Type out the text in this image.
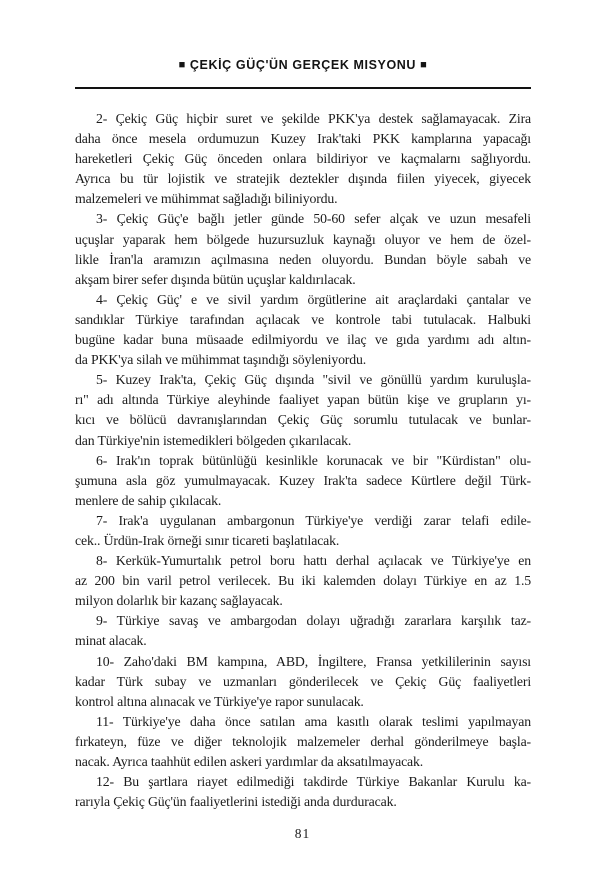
■ ÇEKİÇ GÜÇ'ÜN GERÇEK MISYONU ■
2- Çekiç Güç hiçbir suret ve şekilde PKK'ya destek sağlamayacak. Zira
daha önce mesela ordumuzun Kuzey Irak'taki PKK kamplarına yapacağı
hareketleri Çekiç Güç önceden onlara bildiriyor ve kaçmalarnı sağlıyordu.
Ayrıca bu tür lojistik ve stratejik deztekler dışında fiilen yiyecek, giyecek
malzemeleri ve mühimmat sağladığı biliniyordu.
3- Çekiç Güç'e bağlı jetler günde 50-60 sefer alçak ve uzun mesafeli
uçuşlar yaparak hem bölgede huzursuzluk kaynağı oluyor ve hem de özel-
likle İran'la aramızın açılmasına neden oluyordu. Bundan böyle sabah ve
akşam birer sefer dışında bütün uçuşlar kaldırılacak.
4- Çekiç Güç' e ve sivil yardım örgütlerine ait araçlardaki çantalar ve
sandıklar Türkiye tarafından açılacak ve kontrole tabi tutulacak. Halbuki
bugüne kadar buna müsaade edilmiyordu ve ilaç ve gıda yardımı adı altın-
da PKK'ya silah ve mühimmat taşındığı söyleniyordu.
5- Kuzey Irak'ta, Çekiç Güç dışında "sivil ve gönüllü yardım kuruluşla-
rı" adı altında Türkiye aleyhinde faaliyet yapan bütün kişe ve grupların yı-
kıcı ve bölücü davranışlarından Çekiç Güç sorumlu tutulacak ve bunlar-
dan Türkiye'nin istemedikleri bölgeden çıkarılacak.
6- Irak'ın toprak bütünlüğü kesinlikle korunacak ve bir "Kürdistan" olu-
şumuna asla göz yumulmayacak. Kuzey Irak'ta sadece Kürtlere değil Türk-
menlere de sahip çıkılacak.
7- Irak'a uygulanan ambargonun Türkiye'ye verdiği zarar telafi edile-
cek.. Ürdün-Irak örneği sınır ticareti başlatılacak.
8- Kerkük-Yumurtalık petrol boru hattı derhal açılacak ve Türkiye'ye en
az 200 bin varil petrol verilecek. Bu iki kalemden dolayı Türkiye en az 1.5
milyon dolarlık bir kazanç sağlayacak.
9- Türkiye savaş ve ambargodan dolayı uğradığı zararlara karşılık taz-
minat alacak.
10- Zaho'daki BM kampına, ABD, İngiltere, Fransa yetkililerinin sayısı
kadar Türk subay ve uzmanları gönderilecek ve Çekiç Güç faaliyetleri
kontrol altına alınacak ve Türkiye'ye rapor sunulacak.
11- Türkiye'ye daha önce satılan ama kasıtlı olarak teslimi yapılmayan
fırkateyn, füze ve diğer teknolojik malzemeler derhal gönderilmeye başla-
nacak. Ayrıca taahhüt edilen askeri yardımlar da aksatılmayacak.
12- Bu şartlara riayet edilmediği takdirde Türkiye Bakanlar Kurulu ka-
rarıyla Çekiç Güç'ün faaliyetlerini istediği anda durduracak.
81
